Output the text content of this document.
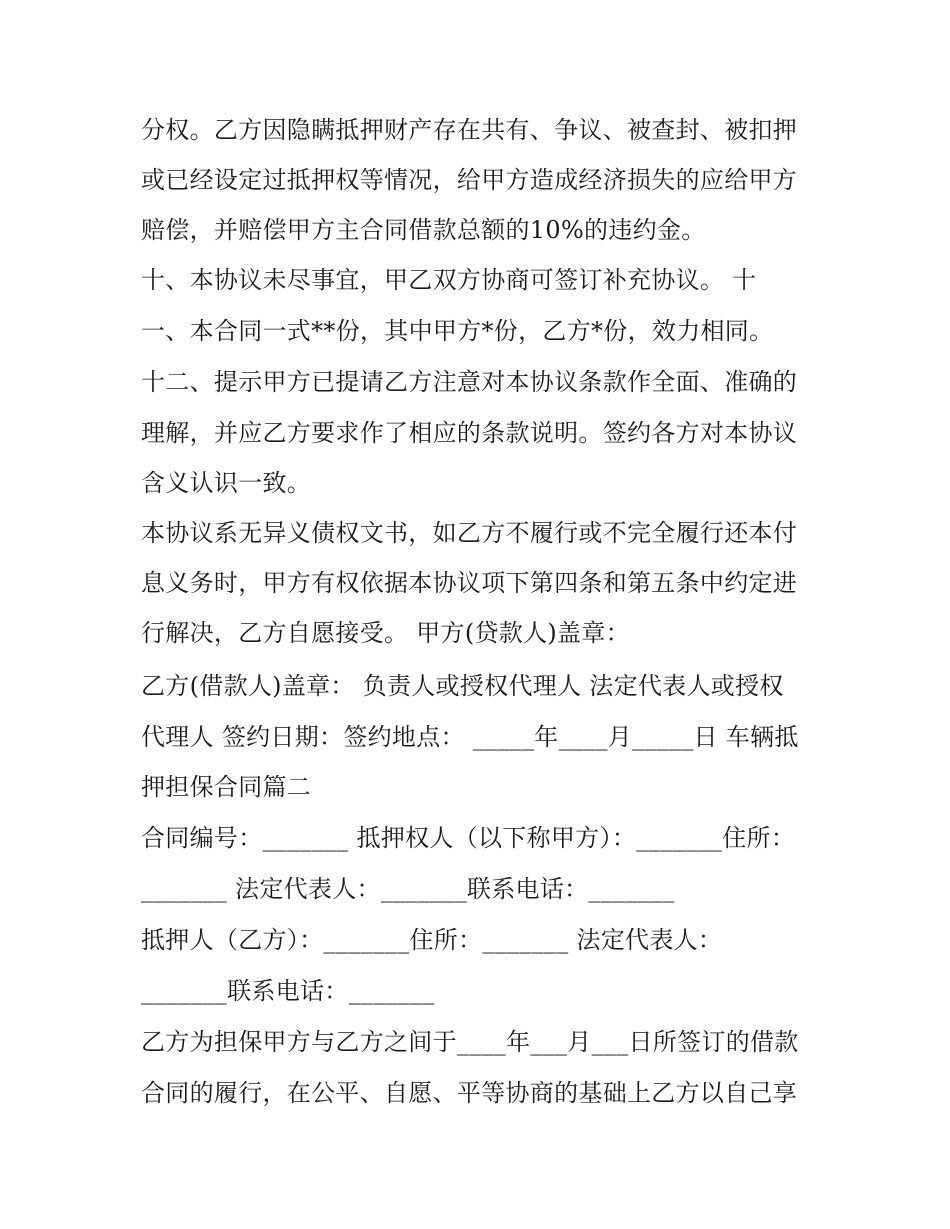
分权。乙方因隐瞒抵押财产存在共有、争议、被查封、被扣押
或已经设定过抵押权等情况，给甲方造成经济损失的应给甲方
赔偿，并赔偿甲方主合同借款总额的10%的违约金。
十、本协议未尽事宜，甲乙双方协商可签订补充协议。 十
一、本合同一式**份，其中甲方*份，乙方*份，效力相同。
十二、提示甲方已提请乙方注意对本协议条款作全面、准确的
理解，并应乙方要求作了相应的条款说明。签约各方对本协议
含义认识一致。
本协议系无异义债权文书，如乙方不履行或不完全履行还本付
息义务时，甲方有权依据本协议项下第四条和第五条中约定进
行解决，乙方自愿接受。 甲方(贷款人)盖章：
乙方(借款人)盖章： 负责人或授权代理人 法定代表人或授权
代理人 签约日期：签约地点： _____年____月_____日 车辆抵
押担保合同篇二
合同编号：_______ 抵押权人（以下称甲方）：_______住所：
_______ 法定代表人：_______联系电话：_______
抵押人（乙方）：_______住所：_______ 法定代表人：
_______联系电话：_______
乙方为担保甲方与乙方之间于____年___月___日所签订的借款
合同的履行，在公平、自愿、平等协商的基础上乙方以自己享
